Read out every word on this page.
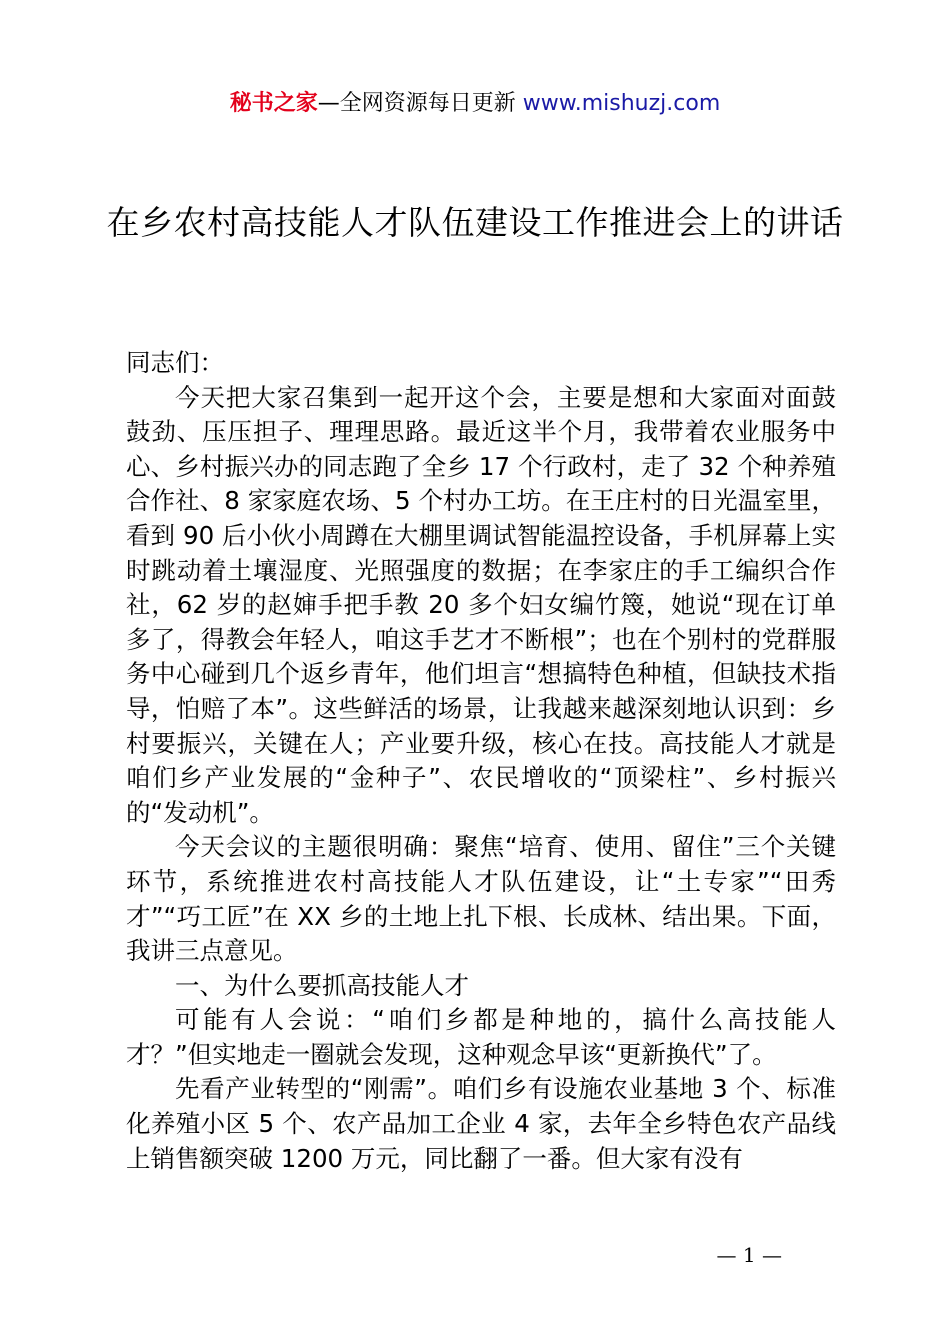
秘书之家—全网资源每日更新 www.mishuzj.com
在乡农村高技能人才队伍建设工作推进会上的讲话

同志们：

今天把大家召集到一起开这个会，主要是想和大家面对面鼓鼓劲、压压担子、理理思路。最近这半个月，我带着农业服务中心、乡村振兴办的同志跑了全乡 17 个行政村，走了 32 个种养殖合作社、8 家家庭农场、5 个村办工坊。在王庄村的日光温室里，看到 90 后小伙小周蹲在大棚里调试智能温控设备，手机屏幕上实时跳动着土壤湿度、光照强度的数据；在李家庄的手工编织合作社，62 岁的赵婶手把手教 20 多个妇女编竹篾，她说“现在订单多了，得教会年轻人，咱这手艺才不断根”；也在个别村的党群服务中心碰到几个返乡青年，他们坦言“想搞特色种植，但缺技术指导，怕赔了本”。这些鲜活的场景，让我越来越深刻地认识到：乡村要振兴，关键在人；产业要升级，核心在技。高技能人才就是咱们乡产业发展的“金种子”、农民增收的“顶梁柱”、乡村振兴的“发动机”。

今天会议的主题很明确：聚焦“培育、使用、留住”三个关键环节，系统推进农村高技能人才队伍建设，让“土专家”“田秀才”“巧工匠”在 XX 乡的土地上扎下根、长成林、结出果。下面，我讲三点意见。

一、为什么要抓高技能人才

可能有人会说：“咱们乡都是种地的，搞什么高技能人才？”但实地走一圈就会发现，这种观念早该“更新换代”了。

先看产业转型的“刚需”。咱们乡有设施农业基地 3 个、标准化养殖小区 5 个、农产品加工企业 4 家，去年全乡特色农产品线上销售额突破 1200 万元，同比翻了一番。但大家有没有

— 1 —
